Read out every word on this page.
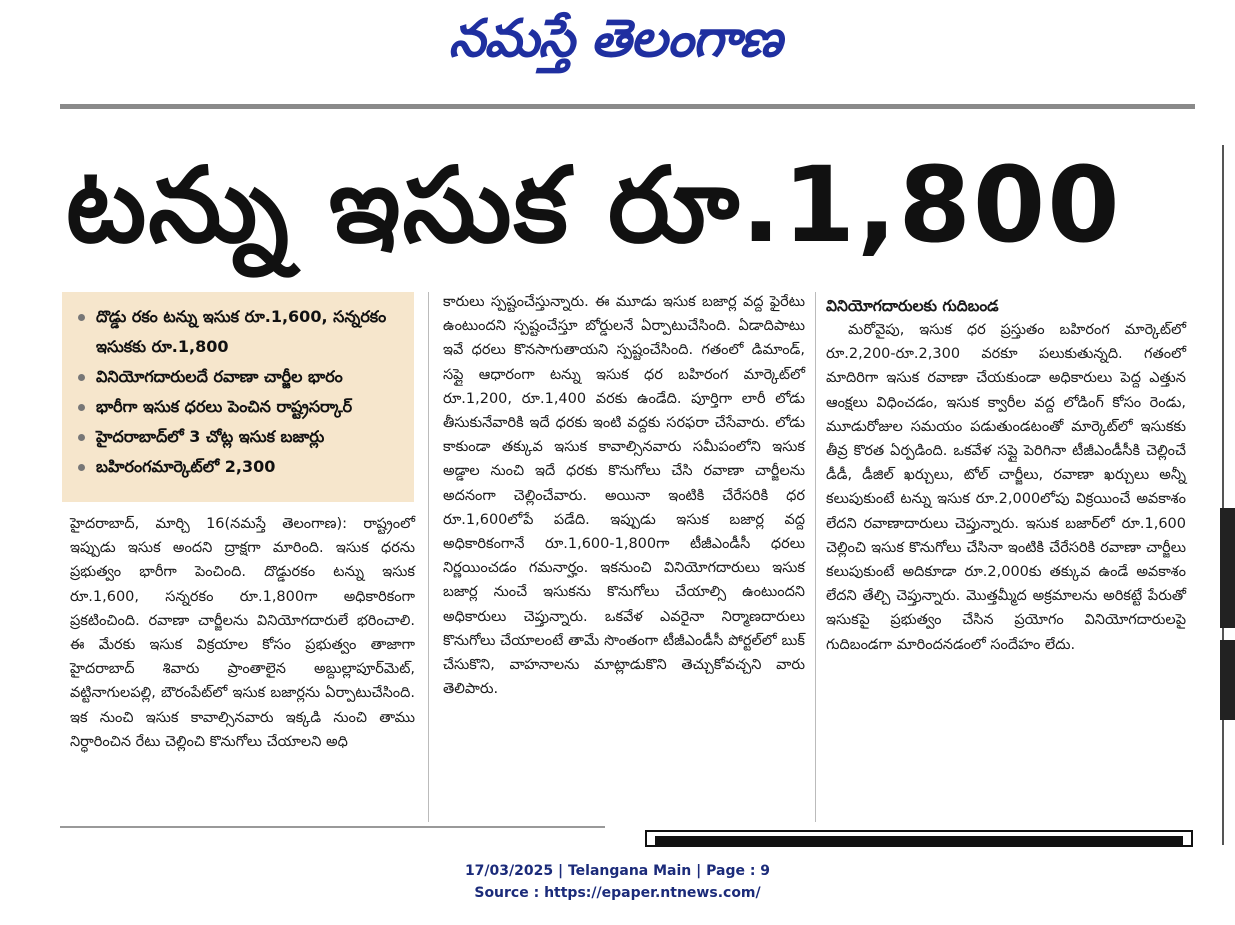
నమస్తే తెలంగాణ
టన్ను ఇసుక రూ.1,800
దొడ్డు రకం టన్ను ఇసుక రూ.1,600, సన్నరకం ఇసుకకు రూ.1,800
వినియోగదారులదే రవాణా చార్జీల భారం
భారీగా ఇసుక ధరలు పెంచిన రాష్ట్రసర్కార్
హైదరాబాద్‌లో 3 చోట్ల ఇసుక బజార్లు
బహిరంగమార్కెట్‌లో 2,300

హైదరాబాద్, మార్చి 16(నమస్తే తెలంగాణ): రాష్ట్రంలో ఇప్పుడు ఇసుక అందని ద్రాక్షగా మారింది. ఇసుక ధరను ప్రభుత్వం భారీగా పెంచింది. దొడ్డురకం టన్ను ఇసుక రూ.1,600, సన్నరకం రూ.1,800గా అధికారికంగా ప్రకటించింది. రవాణా చార్జీలను వినియోగదారులే భరించాలి. ఈ మేరకు ఇసుక విక్రయాల కోసం ప్రభుత్వం తాజాగా హైదరాబాద్ శివారు ప్రాంతాలైన అబ్దుల్లాపూర్‌మెట్, వట్టినాగులపల్లి, బౌరంపేట్‌లో ఇసుక బజార్లను ఏర్పాటుచేసింది. ఇక నుంచి ఇసుక కావాల్సినవారు ఇక్కడి నుంచి తాము నిర్ధారించిన రేటు చెల్లించి కొనుగోలు చేయాలని అధి

కారులు స్పష్టంచేస్తున్నారు. ఈ మూడు ఇసుక బజార్ల వద్ద ఫైరేటు ఉంటుందని స్పష్టంచేస్తూ బోర్డులనే ఏర్పాటుచేసింది. ఏడాదిపాటు ఇవే ధరలు కొనసాగుతాయని స్పష్టంచేసింది. గతంలో డిమాండ్, సప్లై ఆధారంగా టన్ను ఇసుక ధర బహిరంగ మార్కెట్‌లో రూ.1,200, రూ.1,400 వరకు ఉండేది. పూర్తిగా లారీ లోడు తీసుకునేవారికి ఇదే ధరకు ఇంటి వద్దకు సరఫరా చేసేవారు. లోడు కాకుండా తక్కువ ఇసుక కావాల్సినవారు సమీపంలోని ఇసుక అడ్డాల నుంచి ఇదే ధరకు కొనుగోలు చేసి రవాణా చార్జీలను అదనంగా చెల్లించేవారు. అయినా ఇంటికి చేరేసరికి ధర రూ.1,600లోపే పడేది. ఇప్పుడు ఇసుక బజార్ల వద్ద అధికారికంగానే రూ.1,600-1,800గా టీజీఎండీసీ ధరలు నిర్ణయించడం గమనార్హం. ఇకనుంచి వినియోగదారులు ఇసుక బజార్ల నుంచే ఇసుకను కొనుగోలు చేయాల్సి ఉంటుందని అధికారులు చెప్తున్నారు. ఒకవేళ ఎవరైనా నిర్మాణదారులు కొనుగోలు చేయాలంటే తామే సొంతంగా టీజీఎండీసీ పోర్టల్‌లో బుక్ చేసుకొని, వాహనాలను మాట్లాడుకొని తెచ్చుకోవచ్చని వారు తెలిపారు.

వినియోగదారులకు గుదిబండ

మరోవైపు, ఇసుక ధర ప్రస్తుతం బహిరంగ మార్కెట్‌లో రూ.2,200-రూ.2,300 వరకూ పలుకుతున్నది. గతంలో మాదిరిగా ఇసుక రవాణా చేయకుండా అధికారులు పెద్ద ఎత్తున ఆంక్షలు విధించడం, ఇసుక క్వారీల వద్ద లోడింగ్ కోసం రెండు, మూడురోజుల సమయం పడుతుండటంతో మార్కెట్‌లో ఇసుకకు తీవ్ర కొరత ఏర్పడింది. ఒకవేళ సప్లై పెరిగినా టీజీఎండీసీకి చెల్లించే డీడీ, డీజిల్ ఖర్చులు, టోల్ చార్జీలు, రవాణా ఖర్చులు అన్నీ కలుపుకుంటే టన్ను ఇసుక రూ.2,000లోపు విక్రయించే అవకాశం లేదని రవాణాదారులు చెప్తున్నారు. ఇసుక బజార్‌లో రూ.1,600 చెల్లించి ఇసుక కొనుగోలు చేసినా ఇంటికి చేరేసరికి రవాణా చార్జీలు కలుపుకుంటే అదికూడా రూ.2,000కు తక్కువ ఉండే అవకాశం లేదని తేల్చి చెప్తున్నారు. మొత్తమ్మీద అక్రమాలను అరికట్టే పేరుతో ఇసుకపై ప్రభుత్వం చేసిన ప్రయోగం వినియోగదారులపై గుదిబండగా మారిందనడంలో సందేహం లేదు.

17/03/2025 | Telangana Main | Page : 9
Source : https://epaper.ntnews.com/
